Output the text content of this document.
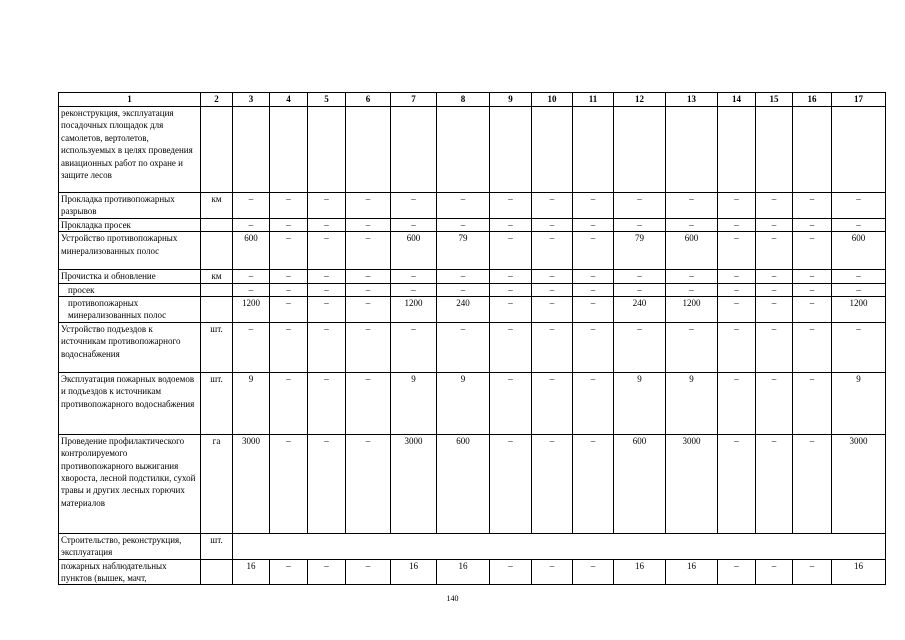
1	2	3	4	5	6	7	8	9	10	11	12	13	14	15	16	17
реконструкция, эксплуатация посадочных площадок для самолетов, вертолетов, используемых в целях проведения авиационных работ по охране и защите лесов																
Прокладка противопожарных разрывов	км	–	–	–	–	–	–	–	–	–	–	–	–	–	–	–
Прокладка просек		–	–	–	–	–	–	–	–	–	–	–	–	–	–	–
Устройство противопожарных минерализованных полос		600	–	–	–	600	79	–	–	–	79	600	–	–	–	600
Прочистка и обновление	км	–	–	–	–	–	–	–	–	–	–	–	–	–	–	–
просек		–	–	–	–	–	–	–	–	–	–	–	–	–	–	–
противопожарных минерализованных полос		1200	–	–	–	1200	240	–	–	–	240	1200	–	–	–	1200
Устройство подъездов к источникам противопожарного водоснабжения	шт.	–	–	–	–	–	–	–	–	–	–	–	–	–	–	–
Эксплуатация пожарных водоемов и подъездов к источникам противопожарного водоснабжения	шт.	9	–	–	–	9	9	–	–	–	9	9	–	–	–	9
Проведение профилактического контролируемого противопожарного выжигания хвороста, лесной подстилки, сухой травы и других лесных горючих материалов	га	3000	–	–	–	3000	600	–	–	–	600	3000	–	–	–	3000
Строительство, реконструкция, эксплуатация	шт.															
пожарных наблюдательных пунктов (вышек, мачт,		16	–	–	–	16	16	–	–	–	16	16	–	–	–	16
140
